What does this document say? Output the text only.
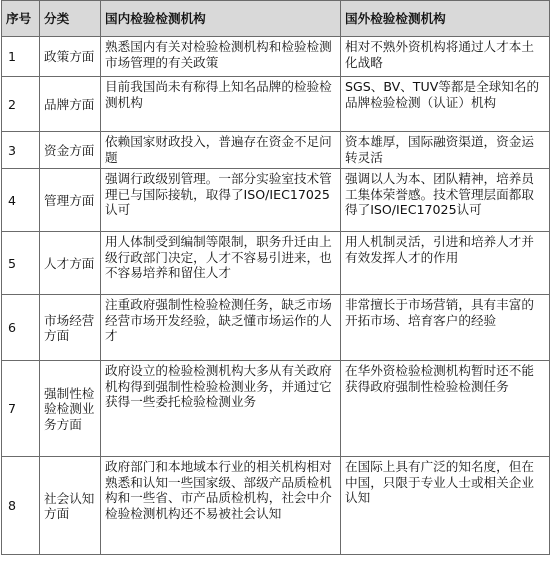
序号	分类	国内检验检测机构	国外检验检测机构
1	政策方面	熟悉国内有关对检验检测机构和检验检测市场管理的有关政策	相对不熟外资机构将通过人才本土化战略
2	品牌方面	目前我国尚未有称得上知名品牌的检验检测机构	SGS、BV、TUV等都是全球知名的品牌检验检测（认证）机构
3	资金方面	依赖国家财政投入，普遍存在资金不足问题	资本雄厚，国际融资渠道，资金运转灵活
4	管理方面	强调行政级别管理。一部分实验室技术管理已与国际接轨，取得了ISO/IEC17025认可	强调以人为本、团队精神，培养员工集体荣誉感。技术管理层面都取得了ISO/IEC17025认可
5	人才方面	用人体制受到编制等限制，职务升迁由上级行政部门决定，人才不容易引进来，也不容易培养和留住人才	用人机制灵活，引进和培养人才并有效发挥人才的作用
6	市场经营方面	注重政府强制性检验检测任务，缺乏市场经营市场开发经验，缺乏懂市场运作的人才	非常擅长于市场营销，具有丰富的开拓市场、培育客户的经验
7	强制性检验检测业务方面	政府设立的检验检测机构大多从有关政府机构得到强制性检验检测业务，并通过它获得一些委托检验检测业务	在华外资检验检测机构暂时还不能获得政府强制性检验检测任务
8	社会认知方面	政府部门和本地域本行业的相关机构相对熟悉和认知一些国家级、部级产品质检机构和一些省、市产品质检机构，社会中介检验检测机构还不易被社会认知	在国际上具有广泛的知名度，但在中国，只限于专业人士或相关企业认知
